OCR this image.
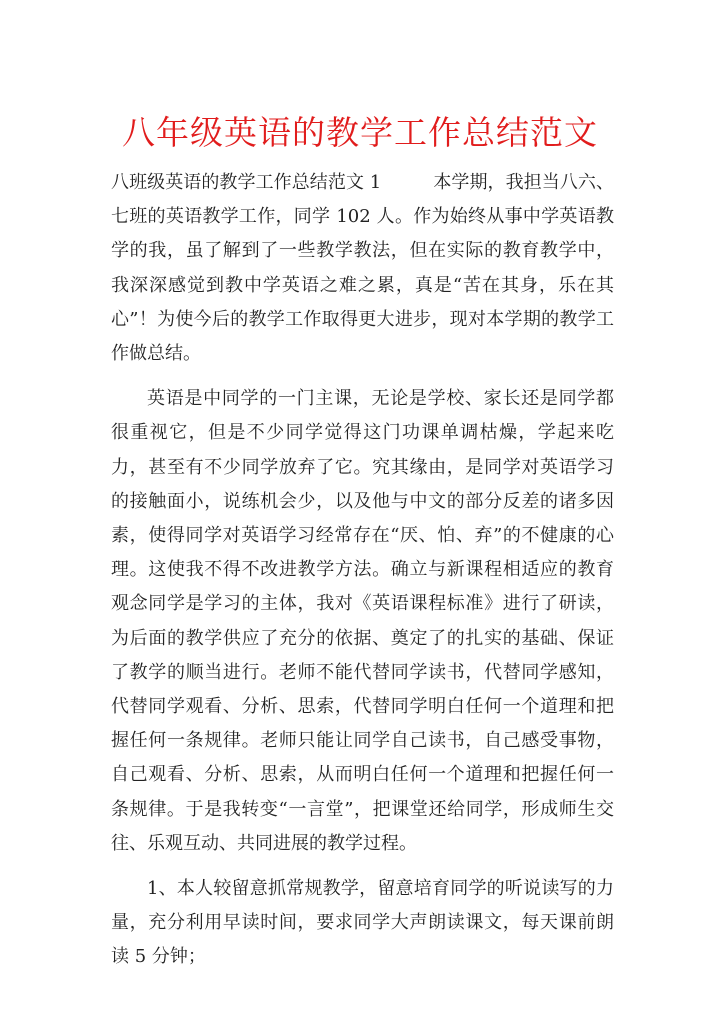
八年级英语的教学工作总结范文

八班级英语的教学工作总结范文 1	本学期，我担当八六、七班的英语教学工作，同学 102 人。作为始终从事中学英语教学的我，虽了解到了一些教学教法，但在实际的教育教学中，我深深感觉到教中学英语之难之累，真是“苦在其身，乐在其心”！为使今后的教学工作取得更大进步，现对本学期的教学工作做总结。

英语是中同学的一门主课，无论是学校、家长还是同学都很重视它，但是不少同学觉得这门功课单调枯燥，学起来吃力，甚至有不少同学放弃了它。究其缘由，是同学对英语学习的接触面小，说练机会少，以及他与中文的部分反差的诸多因素，使得同学对英语学习经常存在“厌、怕、弃”的不健康的心理。这使我不得不改进教学方法。确立与新课程相适应的教育观念同学是学习的主体，我对《英语课程标准》进行了研读，为后面的教学供应了充分的依据、奠定了的扎实的基础、保证了教学的顺当进行。老师不能代替同学读书，代替同学感知，代替同学观看、分析、思索，代替同学明白任何一个道理和把握任何一条规律。老师只能让同学自己读书，自己感受事物，自己观看、分析、思索，从而明白任何一个道理和把握任何一条规律。于是我转变“一言堂”，把课堂还给同学，形成师生交往、乐观互动、共同进展的教学过程。

1、本人较留意抓常规教学，留意培育同学的听说读写的力量，充分利用早读时间，要求同学大声朗读课文，每天课前朗读 5 分钟；
